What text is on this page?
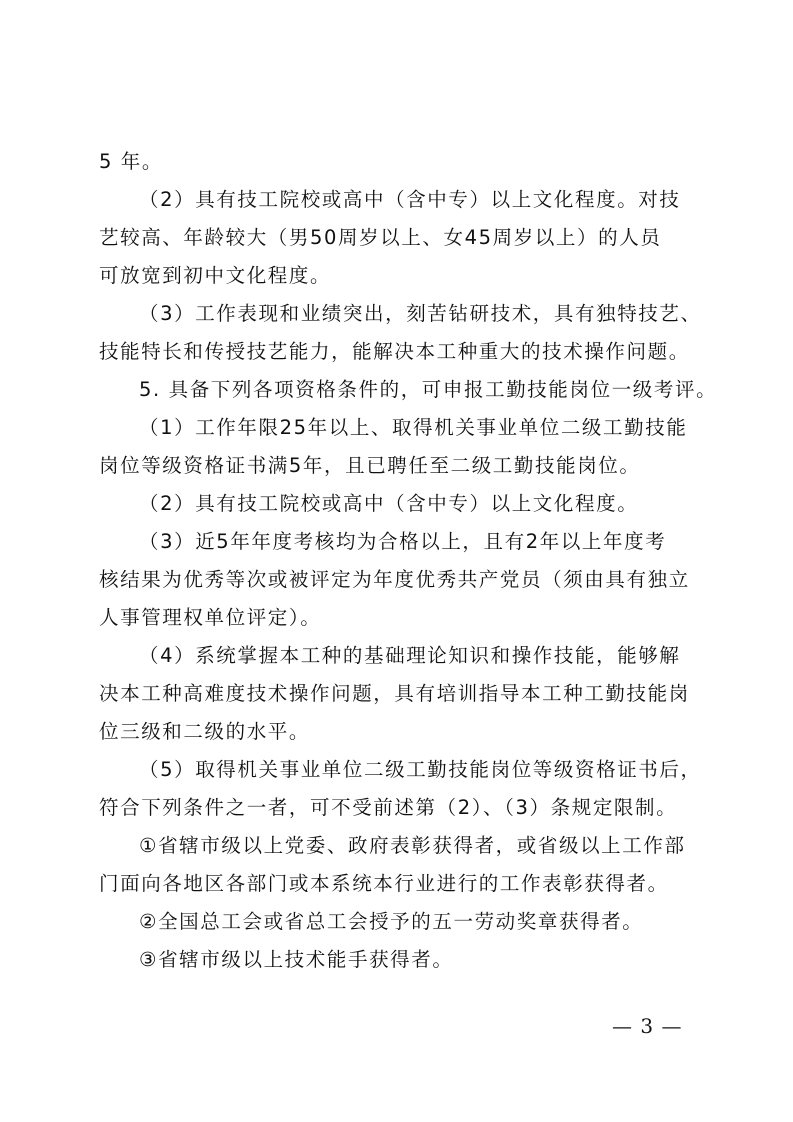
5 年。
（2）具有技工院校或高中（含中专）以上文化程度。对技
艺较高、年龄较大（男50周岁以上、女45周岁以上）的人员
可放宽到初中文化程度。
（3）工作表现和业绩突出，刻苦钻研技术，具有独特技艺、
技能特长和传授技艺能力，能解决本工种重大的技术操作问题。
5. 具备下列各项资格条件的，可申报工勤技能岗位一级考评。
（1）工作年限25年以上、取得机关事业单位二级工勤技能
岗位等级资格证书满5年，且已聘任至二级工勤技能岗位。
（2）具有技工院校或高中（含中专）以上文化程度。
（3）近5年年度考核均为合格以上，且有2年以上年度考
核结果为优秀等次或被评定为年度优秀共产党员（须由具有独立
人事管理权单位评定）。
（4）系统掌握本工种的基础理论知识和操作技能，能够解
决本工种高难度技术操作问题，具有培训指导本工种工勤技能岗
位三级和二级的水平。
（5）取得机关事业单位二级工勤技能岗位等级资格证书后，
符合下列条件之一者，可不受前述第（2）、（3）条规定限制。
①省辖市级以上党委、政府表彰获得者，或省级以上工作部
门面向各地区各部门或本系统本行业进行的工作表彰获得者。
②全国总工会或省总工会授予的五一劳动奖章获得者。
③省辖市级以上技术能手获得者。
— 3 —
